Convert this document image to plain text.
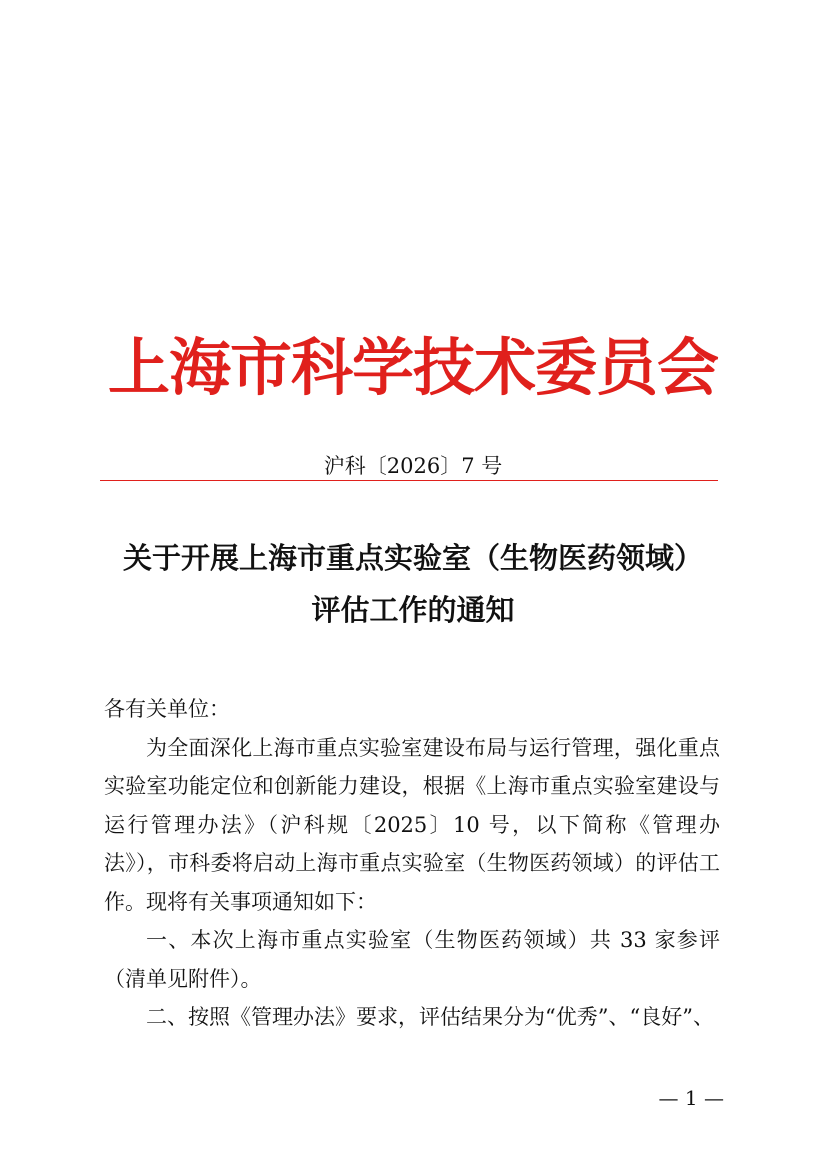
上海市科学技术委员会
沪科〔2026〕7 号
关于开展上海市重点实验室（生物医药领域）
评估工作的通知

各有关单位：

为全面深化上海市重点实验室建设布局与运行管理，强化重点实验室功能定位和创新能力建设，根据《上海市重点实验室建设与运行管理办法》（沪科规〔2025〕10 号，以下简称《管理办法》），市科委将启动上海市重点实验室（生物医药领域）的评估工作。现将有关事项通知如下：

一、本次上海市重点实验室（生物医药领域）共 33 家参评（清单见附件）。

二、按照《管理办法》要求，评估结果分为“优秀”、“良好”、

— 1 —
